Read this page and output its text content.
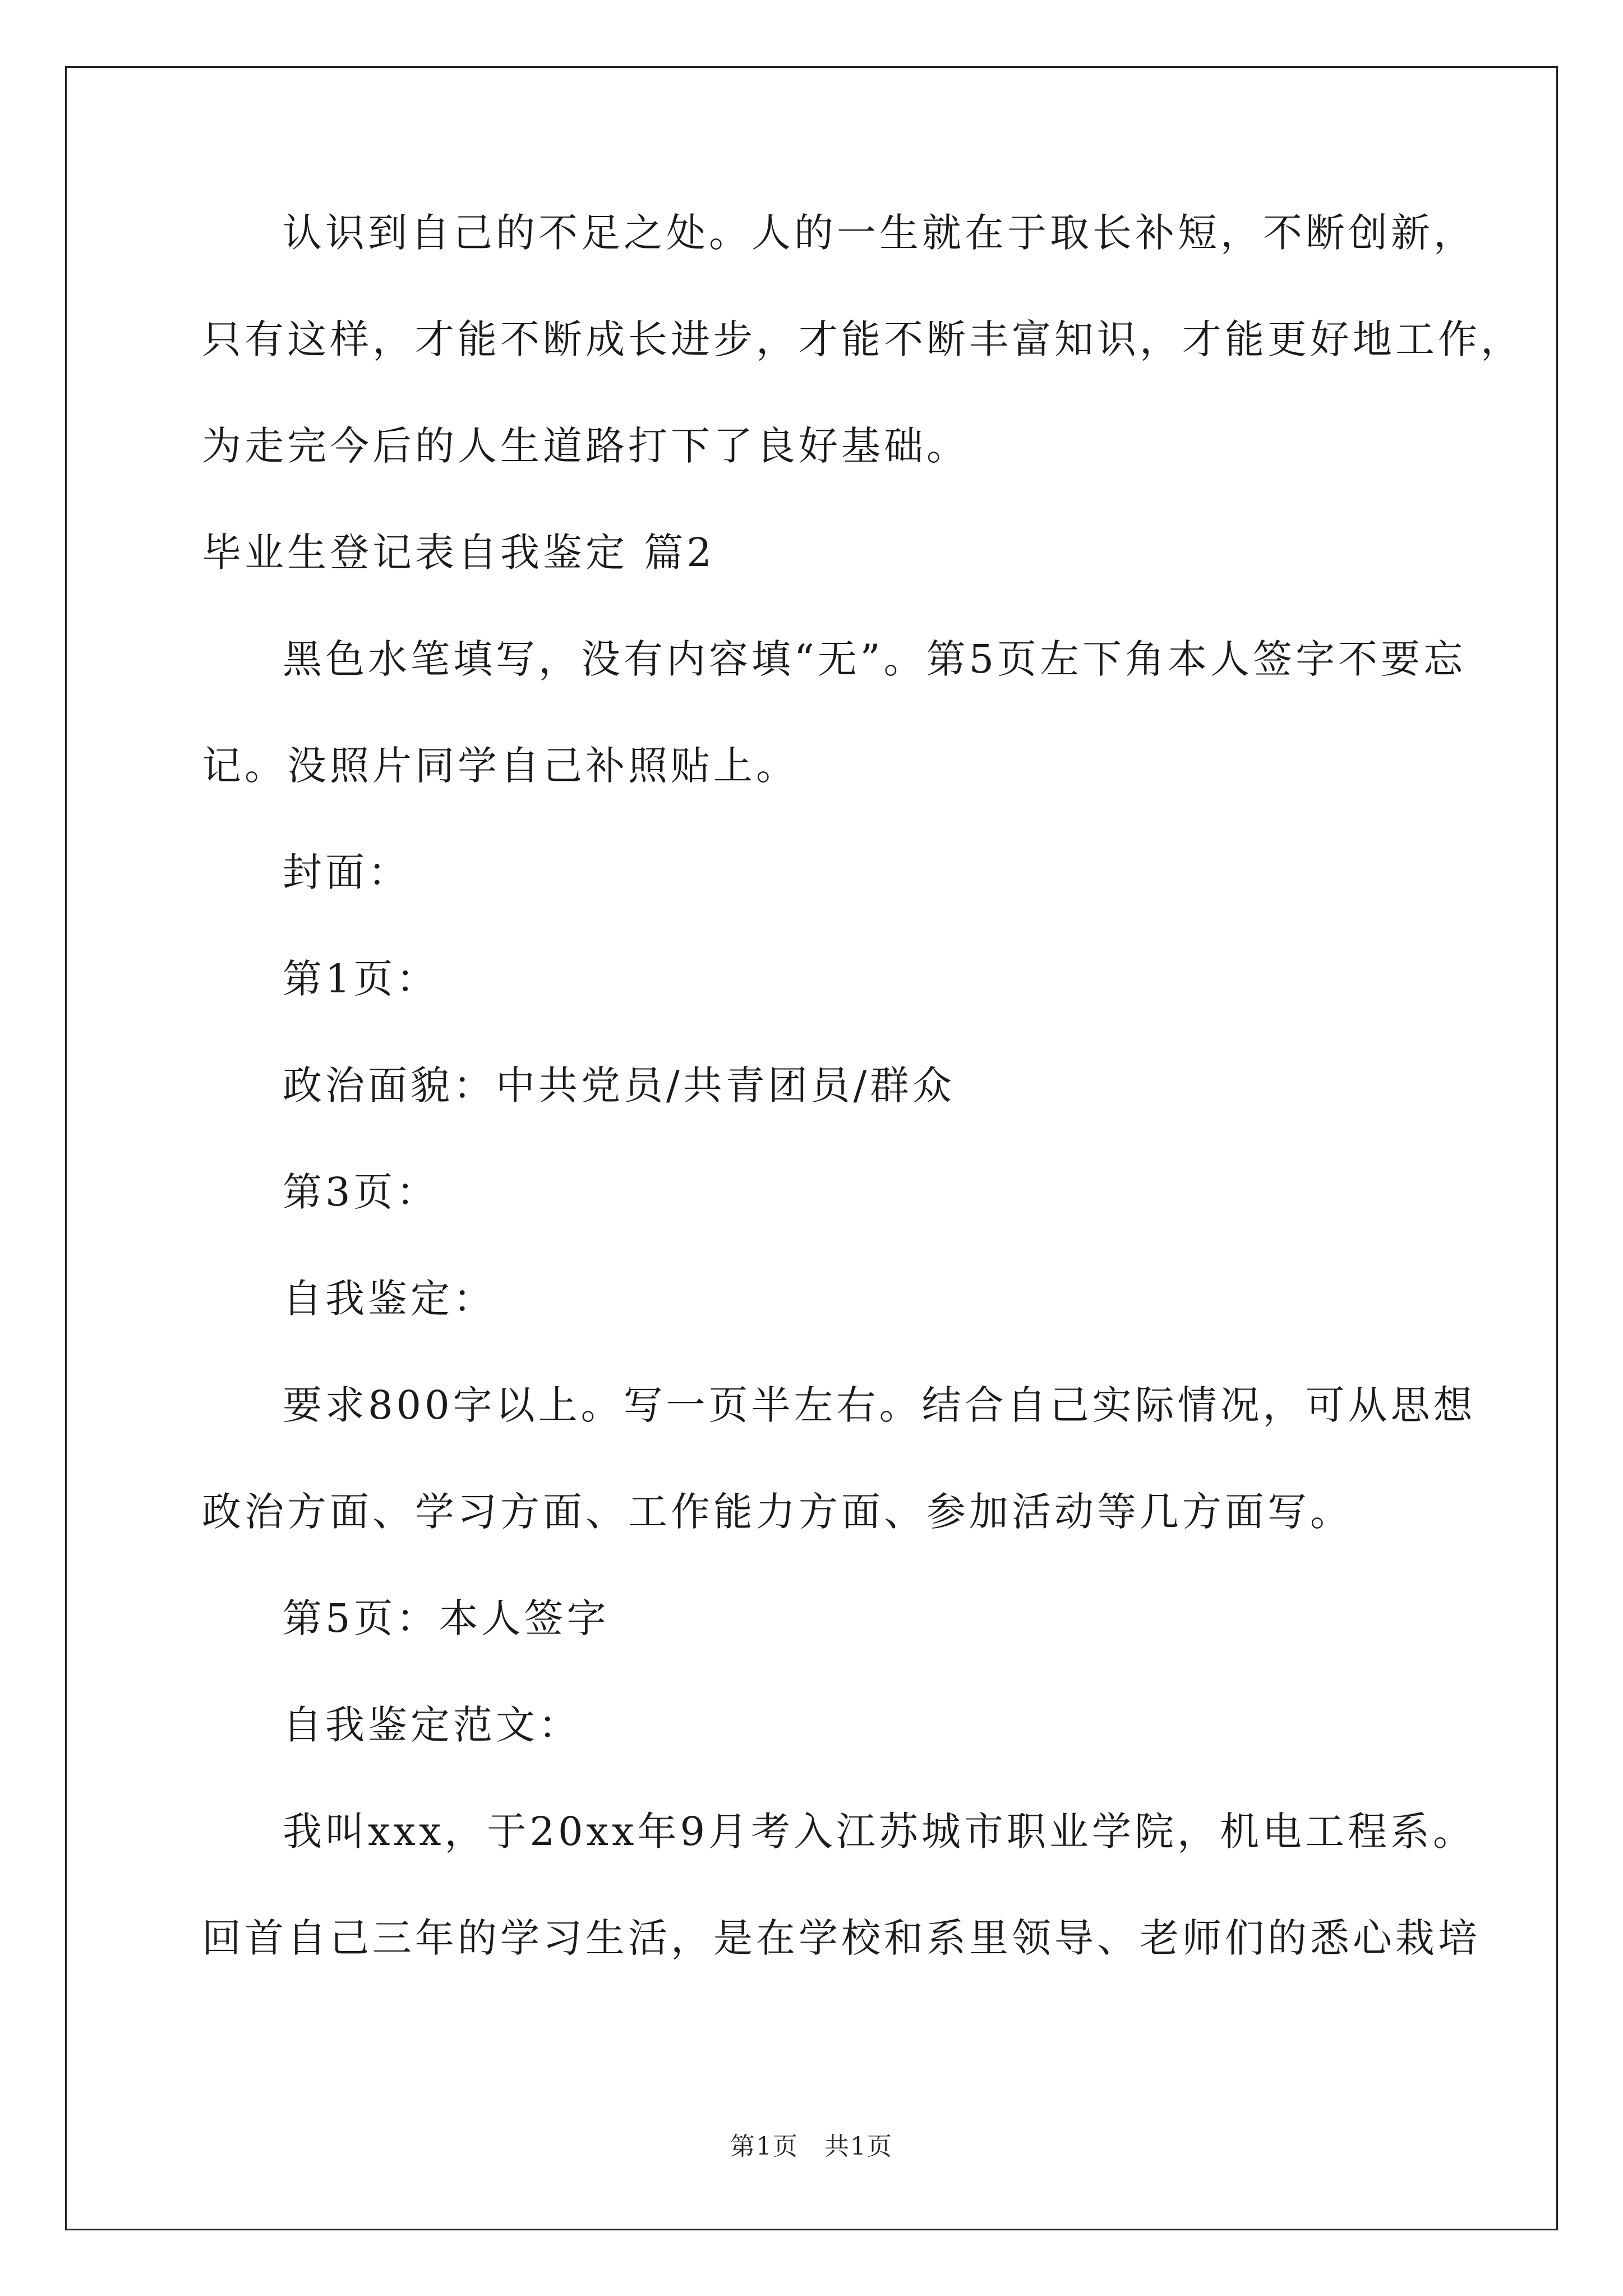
认识到自己的不足之处。人的一生就在于取长补短，不断创新，
只有这样，才能不断成长进步，才能不断丰富知识，才能更好地工作，
为走完今后的人生道路打下了良好基础。
毕业生登记表自我鉴定 篇2
黑色水笔填写，没有内容填“无”。第5页左下角本人签字不要忘
记。没照片同学自己补照贴上。
封面：
第1页：
政治面貌：中共党员/共青团员/群众
第3页：
自我鉴定：
要求800字以上。写一页半左右。结合自己实际情况，可从思想
政治方面、学习方面、工作能力方面、参加活动等几方面写。
第5页：本人签字
自我鉴定范文：
我叫xxx，于20xx年9月考入江苏城市职业学院，机电工程系。
回首自己三年的学习生活，是在学校和系里领导、老师们的悉心栽培
第1页　共1页
